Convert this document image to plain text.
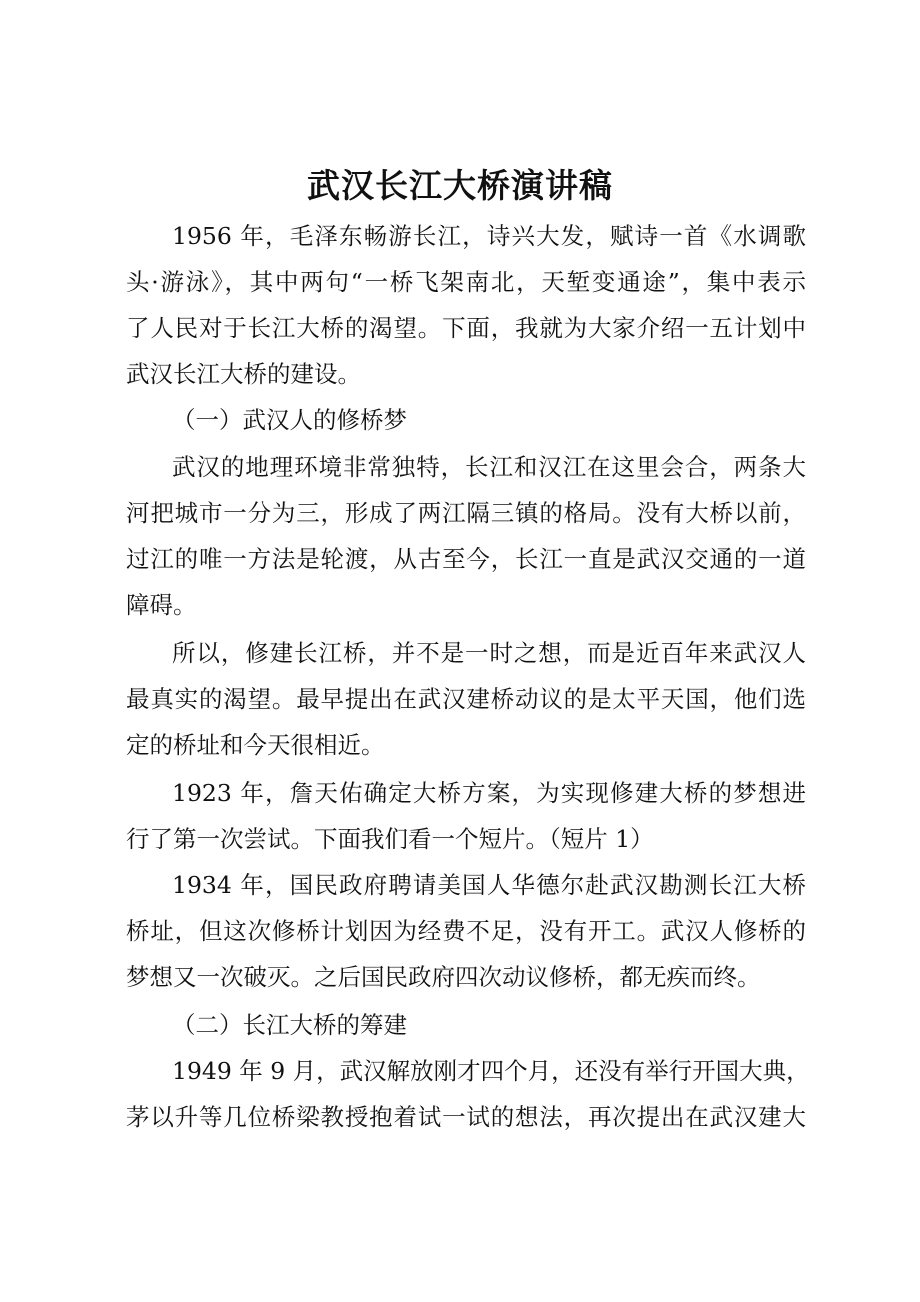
武汉长江大桥演讲稿

1956 年，毛泽东畅游长江，诗兴大发，赋诗一首《水调歌

头·游泳》，其中两句“一桥飞架南北，天堑变通途”，集中表示

了人民对于长江大桥的渴望。下面，我就为大家介绍一五计划中

武汉长江大桥的建设。

（一）武汉人的修桥梦

武汉的地理环境非常独特，长江和汉江在这里会合，两条大

河把城市一分为三，形成了两江隔三镇的格局。没有大桥以前，

过江的唯一方法是轮渡，从古至今，长江一直是武汉交通的一道

障碍。

所以，修建长江桥，并不是一时之想，而是近百年来武汉人

最真实的渴望。最早提出在武汉建桥动议的是太平天国，他们选

定的桥址和今天很相近。

1923 年，詹天佑确定大桥方案，为实现修建大桥的梦想进

行了第一次尝试。下面我们看一个短片。（短片 1）

1934 年，国民政府聘请美国人华德尔赴武汉勘测长江大桥

桥址，但这次修桥计划因为经费不足，没有开工。武汉人修桥的

梦想又一次破灭。之后国民政府四次动议修桥，都无疾而终。

（二）长江大桥的筹建

1949 年 9 月，武汉解放刚才四个月，还没有举行开国大典，

茅以升等几位桥梁教授抱着试一试的想法，再次提出在武汉建大
